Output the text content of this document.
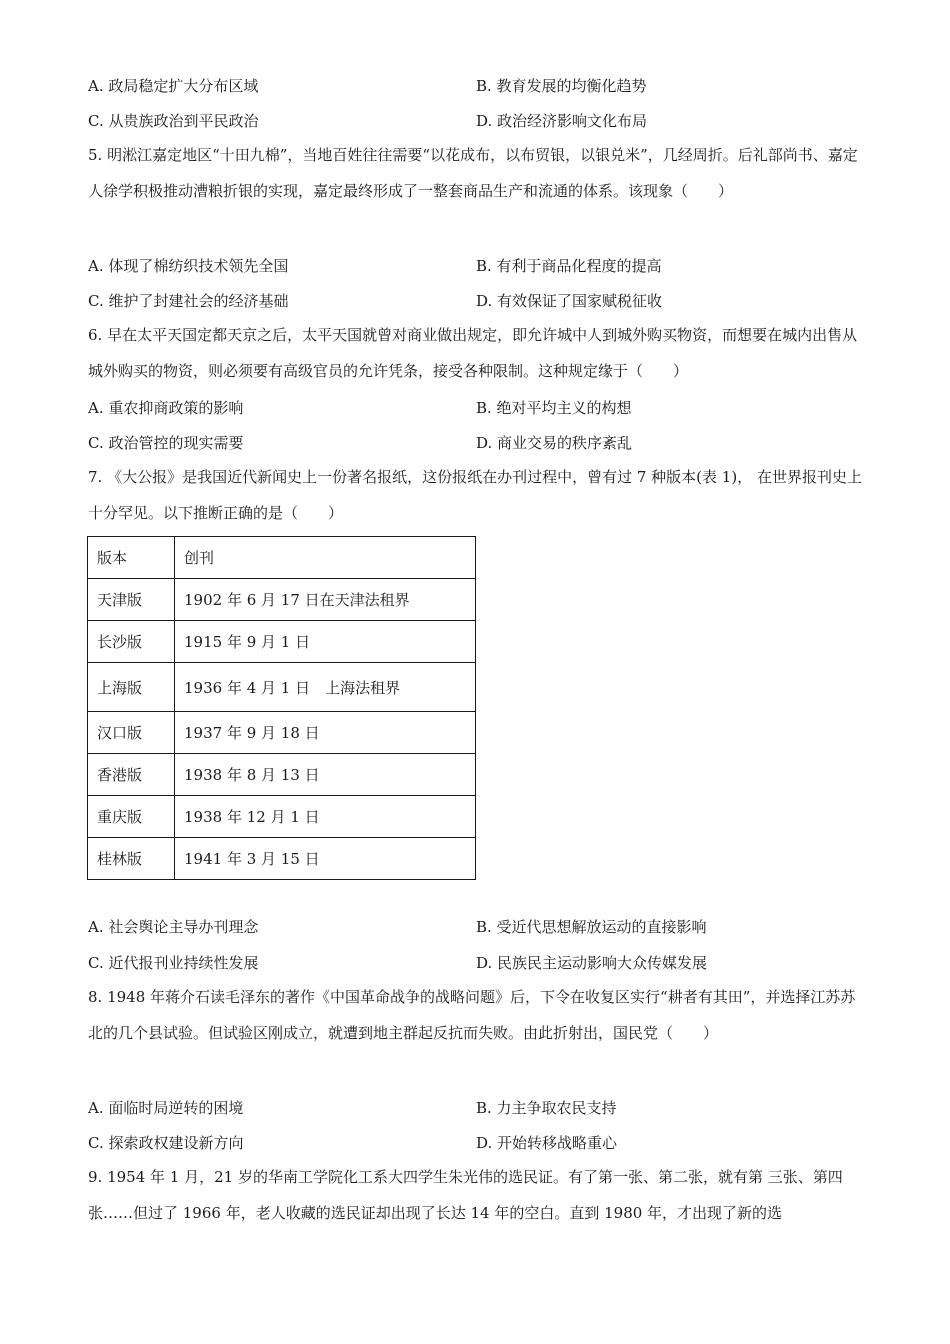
A. 政局稳定扩大分布区域	B. 教育发展的均衡化趋势
C. 从贵族政治到平民政治	D. 政治经济影响文化布局
5. 明淞江嘉定地区“十田九棉”，当地百姓往往需要“以花成布，以布贸银，以银兑米”，几经周折。后礼部尚书、嘉定人徐学积极推动漕粮折银的实现，嘉定最终形成了一整套商品生产和流通的体系。该现象（　　）
A. 体现了棉纺织技术领先全国	B. 有利于商品化程度的提高
C. 维护了封建社会的经济基础	D. 有效保证了国家赋税征收
6. 早在太平天国定都天京之后，太平天国就曾对商业做出规定，即允许城中人到城外购买物资，而想要在城内出售从城外购买的物资，则必须要有高级官员的允许凭条，接受各种限制。这种规定缘于（　　）
A. 重农抑商政策的影响	B. 绝对平均主义的构想
C. 政治管控的现实需要	D. 商业交易的秩序紊乱
7. 《大公报》是我国近代新闻史上一份著名报纸，这份报纸在办刊过程中，曾有过 7 种版本(表 1)， 在世界报刊史上十分罕见。以下推断正确的是（　　）
版本	创刊
天津版	1902 年 6 月 17 日在天津法租界
长沙版	1915 年 9 月 1 日
上海版	1936 年 4 月 1 日　上海法租界
汉口版	1937 年 9 月 18 日
香港版	1938 年 8 月 13 日
重庆版	1938 年 12 月 1 日
桂林版	1941 年 3 月 15 日
A. 社会舆论主导办刊理念	B. 受近代思想解放运动的直接影响
C. 近代报刊业持续性发展	D. 民族民主运动影响大众传媒发展
8. 1948 年蒋介石读毛泽东的著作《中国革命战争的战略问题》后，下令在收复区实行“耕者有其田”，并选择江苏苏北的几个县试验。但试验区刚成立，就遭到地主群起反抗而失败。由此折射出，国民党（　　）
A. 面临时局逆转的困境	B. 力主争取农民支持
C. 探索政权建设新方向	D. 开始转移战略重心
9. 1954 年 1 月，21 岁的华南工学院化工系大四学生朱光伟的选民证。有了第一张、第二张，就有第 三张、第四张……但过了 1966 年，老人收藏的选民证却出现了长达 14 年的空白。直到 1980 年，才出现了新的选
